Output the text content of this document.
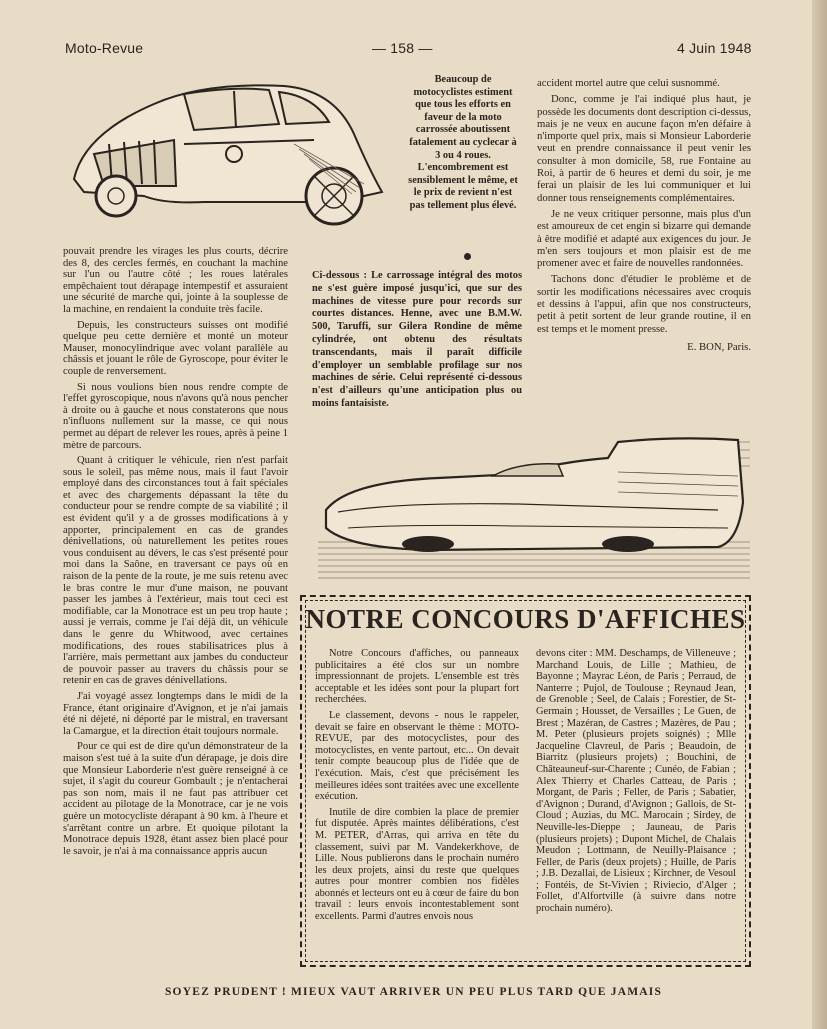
Moto-Revue	— 158 —	4 Juin 1948
Beaucoup de motocyclistes estiment que tous les efforts en faveur de la moto carrossée aboutissent fatalement au cyclecar à 3 ou 4 roues. L'encombrement est sensiblement le même, et le prix de revient n'est pas tellement plus élevé.
Ci-dessous : Le carrossage intégral des motos ne s'est guère imposé jusqu'ici, que sur des machines de vitesse pure pour records sur courtes distances. Henne, avec une B.M.W. 500, Taruffi, sur Gilera Rondine de même cylindrée, ont obtenu des résultats transcendants, mais il paraît difficile d'employer un semblable profilage sur nos machines de série. Celui représenté ci-dessous n'est d'ailleurs qu'une anticipation plus ou moins fantaisiste.

pouvait prendre les virages les plus courts, décrire des 8, des cercles fermés, en couchant la machine sur l'un ou l'autre côté ; les roues latérales empêchaient tout dérapage intempestif et assuraient une sécurité de marche qui, jointe à la souplesse de la machine, en rendaient la conduite très facile.

Depuis, les constructeurs suisses ont modifié quelque peu cette dernière et monté un moteur Mauser, monocylindrique avec volant parallèle au châssis et jouant le rôle de Gyroscope, pour éviter le couple de renversement.

Si nous voulions bien nous rendre compte de l'effet gyroscopique, nous n'avons qu'à nous pencher à droite ou à gauche et nous constaterons que nous n'influons nullement sur la masse, ce qui nous permet au départ de relever les roues, après à peine 1 mètre de parcours.

Quant à critiquer le véhicule, rien n'est parfait sous le soleil, pas même nous, mais il faut l'avoir employé dans des circonstances tout à fait spéciales et avec des chargements dépassant la tête du conducteur pour se rendre compte de sa viabilité ; il est évident qu'il y a de grosses modifications à y apporter, principalement en cas de grandes dénivellations, où naturellement les petites roues vous conduisent au dévers, le cas s'est présenté pour moi dans la Saône, en traversant ce pays où en raison de la pente de la route, je me suis retenu avec le bras contre le mur d'une maison, ne pouvant passer les jambes à l'extérieur, mais tout ceci est modifiable, car la Monotrace est un peu trop haute ; aussi je verrais, comme je l'ai déjà dit, un véhicule dans le genre du Whitwood, avec certaines modifications, des roues stabilisatrices plus à l'arrière, mais permettant aux jambes du conducteur de pouvoir passer au travers du châssis pour se retenir en cas de graves dénivellations.

J'ai voyagé assez longtemps dans le midi de la France, étant originaire d'Avignon, et je n'ai jamais été ni déjeté, ni déporté par le mistral, en traversant la Camargue, et la direction était toujours normale.

Pour ce qui est de dire qu'un démonstrateur de la maison s'est tué à la suite d'un dérapage, je dois dire que Monsieur Laborderie n'est guère renseigné à ce sujet, il s'agit du coureur Gombault ; je n'entacherai pas son nom, mais il ne faut pas attribuer cet accident au pilotage de la Monotrace, car je ne vois guère un motocycliste dérapant à 90 km. à l'heure et s'arrêtant contre un arbre. Et quoique pilotant la Monotrace depuis 1928, étant assez bien placé pour le savoir, je n'ai à ma connaissance appris aucun

accident mortel autre que celui susnommé.

Donc, comme je l'ai indiqué plus haut, je possède les documents dont description ci-dessus, mais je ne veux en aucune façon m'en défaire à n'importe quel prix, mais si Monsieur Laborderie veut en prendre connaissance il peut venir les consulter à mon domicile, 58, rue Fontaine au Roi, à partir de 6 heures et demi du soir, je me ferai un plaisir de les lui communiquer et lui donner tous renseignements complémentaires.

Je ne veux critiquer personne, mais plus d'un est amoureux de cet engin si bizarre qui demande à être modifié et adapté aux exigences du jour. Je m'en sers toujours et mon plaisir est de me promener avec et faire de nouvelles randonnées.

Tachons donc d'étudier le problème et de sortir les modifications nécessaires avec croquis et dessins à l'appui, afin que nos constructeurs, petit à petit sortent de leur grande routine, il en est temps et le moment presse.

E. BON, Paris.
NOTRE CONCOURS D'AFFICHES

Notre Concours d'affiches, ou panneaux publicitaires a été clos sur un nombre impressionnant de projets. L'ensemble est très acceptable et les idées sont pour la plupart fort recherchées.

Le classement, devons - nous le rappeler, devait se faire en observant le thème : MOTO-REVUE, par des motocyclistes, pour des motocyclistes, en vente partout, etc... On devait tenir compte beaucoup plus de l'idée que de l'exécution. Mais, c'est que précisément les meilleures idées sont traitées avec une excellente exécution.

Inutile de dire combien la place de premier fut disputée. Après maintes délibérations, c'est M. PETER, d'Arras, qui arriva en tête du classement, suivi par M. Vandekerkhove, de Lille. Nous publierons dans le prochain numéro les deux projets, ainsi du reste que quelques autres pour montrer combien nos fidèles abonnés et lecteurs ont eu à cœur de faire du bon travail : leurs envois incontestablement sont excellents. Parmi d'autres envois nous

devons citer : MM. Deschamps, de Villeneuve ; Marchand Louis, de Lille ; Mathieu, de Bayonne ; Mayrac Léon, de Paris ; Perraud, de Nanterre ; Pujol, de Toulouse ; Reynaud Jean, de Grenoble ; Seel, de Calais ; Forestier, de St-Germain ; Housset, de Versailles ; Le Guen, de Brest ; Mazéran, de Castres ; Mazères, de Pau ; M. Peter (plusieurs projets soignés) ; Mlle Jacqueline Clavreul, de Paris ; Beaudoin, de Biarritz (plusieurs projets) ; Bouchini, de Châteauneuf-sur-Charente ; Cunéo, de Fabian ; Alex Thierry et Charles Catteau, de Paris ; Morgant, de Paris ; Feller, de Paris ; Sabatier, d'Avignon ; Durand, d'Avignon ; Gallois, de St-Cloud ; Auzias, du MC. Marocain ; Sirdey, de Neuville-les-Dieppe ; Jauneau, de Paris (plusieurs projets) ; Dupont Michel, de Chalais Meudon ; Lottmann, de Neuilly-Plaisance ; Feller, de Paris (deux projets) ; Huille, de Paris ; J.B. Dezallai, de Lisieux ; Kirchner, de Vesoul ; Fontéis, de St-Vivien ; Riviecio, d'Alger ; Follet, d'Alfortville (à suivre dans notre prochain numéro).

SOYEZ PRUDENT ! MIEUX VAUT ARRIVER UN PEU PLUS TARD QUE JAMAIS
